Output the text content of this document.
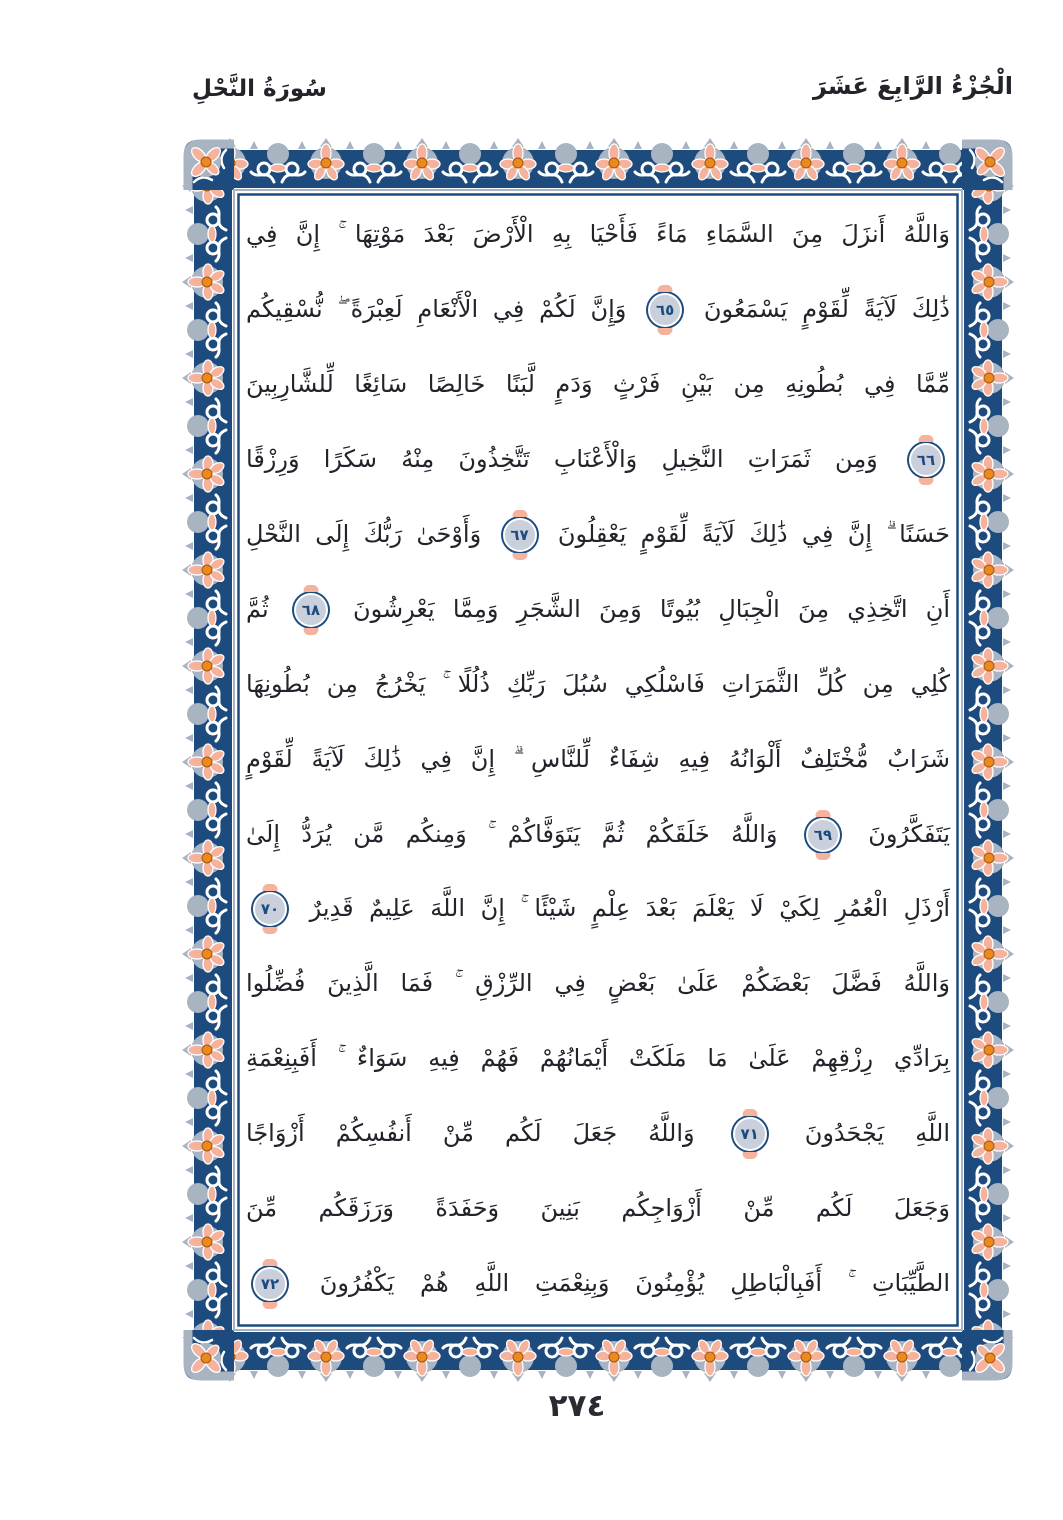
الْجُزْءُ الرَّابِعَ عَشَرَ
سُورَةُ النَّحْلِ
وَاللَّهُ أَنزَلَ مِنَ السَّمَاءِ مَاءً فَأَحْيَا بِهِ الْأَرْضَ بَعْدَ مَوْتِهَا ۚ إِنَّ فِي
ذَٰلِكَ لَآيَةً لِّقَوْمٍ يَسْمَعُونَ ٦٥ وَإِنَّ لَكُمْ فِي الْأَنْعَامِ لَعِبْرَةً ۖ نُّسْقِيكُم
مِّمَّا فِي بُطُونِهِ مِن بَيْنِ فَرْثٍ وَدَمٍ لَّبَنًا خَالِصًا سَائِغًا لِّلشَّارِبِينَ
٦٦ وَمِن ثَمَرَاتِ النَّخِيلِ وَالْأَعْنَابِ تَتَّخِذُونَ مِنْهُ سَكَرًا وَرِزْقًا
حَسَنًا ۗ إِنَّ فِي ذَٰلِكَ لَآيَةً لِّقَوْمٍ يَعْقِلُونَ ٦٧ وَأَوْحَىٰ رَبُّكَ إِلَى النَّحْلِ
أَنِ اتَّخِذِي مِنَ الْجِبَالِ بُيُوتًا وَمِنَ الشَّجَرِ وَمِمَّا يَعْرِشُونَ ٦٨ ثُمَّ
كُلِي مِن كُلِّ الثَّمَرَاتِ فَاسْلُكِي سُبُلَ رَبِّكِ ذُلُلًا ۚ يَخْرُجُ مِن بُطُونِهَا
شَرَابٌ مُّخْتَلِفٌ أَلْوَانُهُ فِيهِ شِفَاءٌ لِّلنَّاسِ ۗ إِنَّ فِي ذَٰلِكَ لَآيَةً لِّقَوْمٍ
يَتَفَكَّرُونَ ٦٩ وَاللَّهُ خَلَقَكُمْ ثُمَّ يَتَوَفَّاكُمْ ۚ وَمِنكُم مَّن يُرَدُّ إِلَىٰ
أَرْذَلِ الْعُمُرِ لِكَيْ لَا يَعْلَمَ بَعْدَ عِلْمٍ شَيْئًا ۚ إِنَّ اللَّهَ عَلِيمٌ قَدِيرٌ ٧٠
وَاللَّهُ فَضَّلَ بَعْضَكُمْ عَلَىٰ بَعْضٍ فِي الرِّزْقِ ۚ فَمَا الَّذِينَ فُضِّلُوا
بِرَادِّي رِزْقِهِمْ عَلَىٰ مَا مَلَكَتْ أَيْمَانُهُمْ فَهُمْ فِيهِ سَوَاءٌ ۚ أَفَبِنِعْمَةِ
اللَّهِ يَجْحَدُونَ ٧١ وَاللَّهُ جَعَلَ لَكُم مِّنْ أَنفُسِكُمْ أَزْوَاجًا
وَجَعَلَ لَكُم مِّنْ أَزْوَاجِكُم بَنِينَ وَحَفَدَةً وَرَزَقَكُم مِّنَ
الطَّيِّبَاتِ ۚ أَفَبِالْبَاطِلِ يُؤْمِنُونَ وَبِنِعْمَتِ اللَّهِ هُمْ يَكْفُرُونَ ٧٢
٢٧٤
